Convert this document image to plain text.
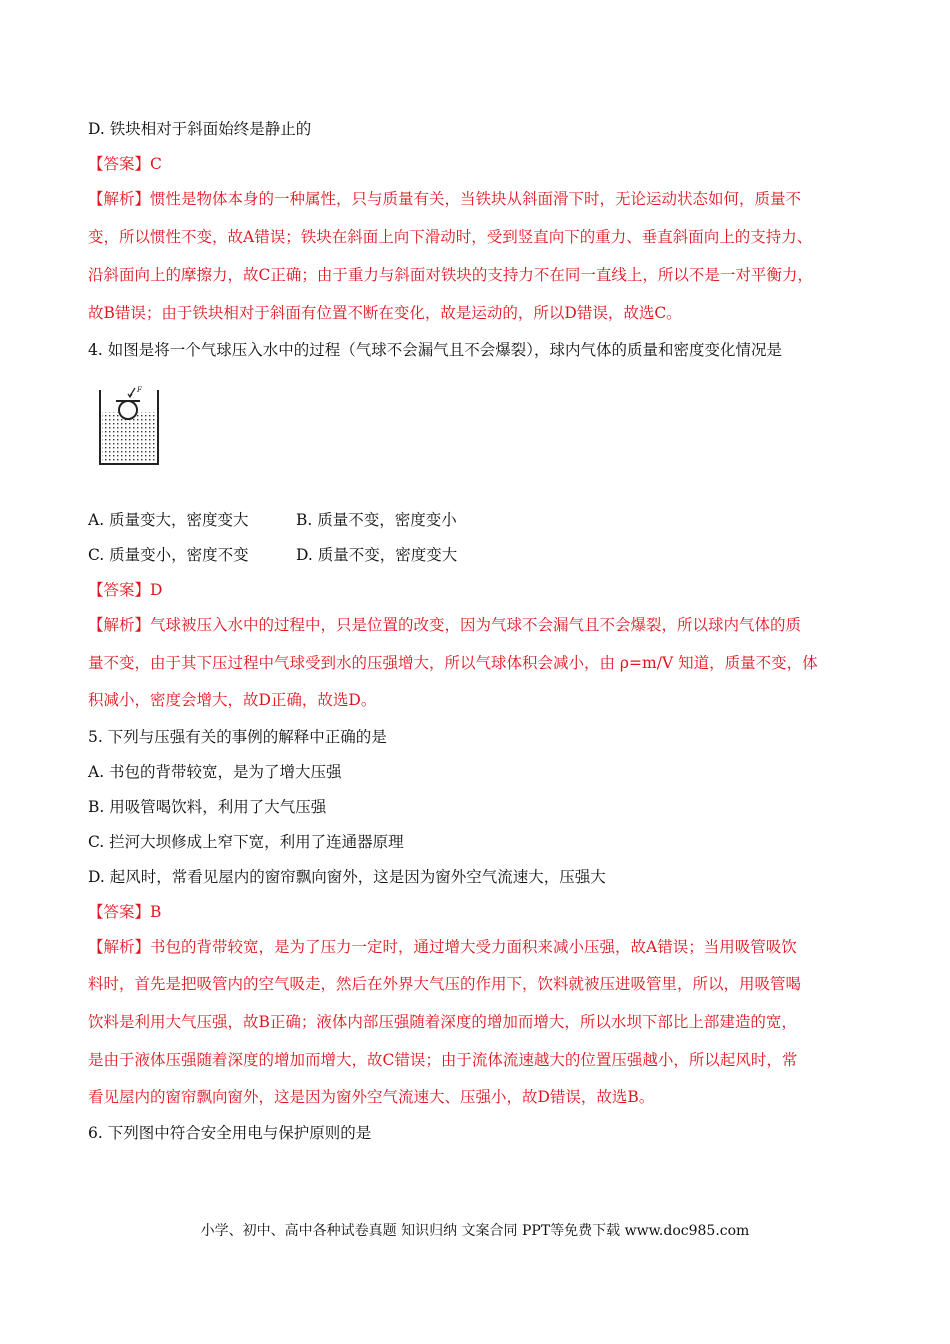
D. 铁块相对于斜面始终是静止的
【答案】C
【解析】惯性是物体本身的一种属性，只与质量有关，当铁块从斜面滑下时，无论运动状态如何，质量不
变，所以惯性不变，故A错误；铁块在斜面上向下滑动时，受到竖直向下的重力、垂直斜面向上的支持力、
沿斜面向上的摩擦力，故C正确；由于重力与斜面对铁块的支持力不在同一直线上，所以不是一对平衡力，
故B错误；由于铁块相对于斜面有位置不断在变化，故是运动的，所以D错误，故选C。
4. 如图是将一个气球压入水中的过程（气球不会漏气且不会爆裂），球内气体的质量和密度变化情况是
F
A. 质量变大，密度变大	B. 质量不变，密度变小
C. 质量变小，密度不变	D. 质量不变，密度变大
【答案】D
【解析】气球被压入水中的过程中，只是位置的改变，因为气球不会漏气且不会爆裂，所以球内气体的质
量不变，由于其下压过程中气球受到水的压强增大，所以气球体积会减小，由 ρ=m/V 知道，质量不变，体
积减小，密度会增大，故D正确，故选D。
5. 下列与压强有关的事例的解释中正确的是
A. 书包的背带较宽，是为了增大压强
B. 用吸管喝饮料，利用了大气压强
C. 拦河大坝修成上窄下宽，利用了连通器原理
D. 起风时，常看见屋内的窗帘飘向窗外，这是因为窗外空气流速大，压强大
【答案】B
【解析】书包的背带较宽，是为了压力一定时，通过增大受力面积来减小压强，故A错误；当用吸管吸饮
料时，首先是把吸管内的空气吸走，然后在外界大气压的作用下，饮料就被压进吸管里，所以，用吸管喝
饮料是利用大气压强，故B正确；液体内部压强随着深度的增加而增大，所以水坝下部比上部建造的宽，
是由于液体压强随着深度的增加而增大，故C错误；由于流体流速越大的位置压强越小，所以起风时，常
看见屋内的窗帘飘向窗外，这是因为窗外空气流速大、压强小，故D错误，故选B。
6. 下列图中符合安全用电与保护原则的是
小学、初中、高中各种试卷真题 知识归纳 文案合同 PPT等免费下载 www.doc985.com
